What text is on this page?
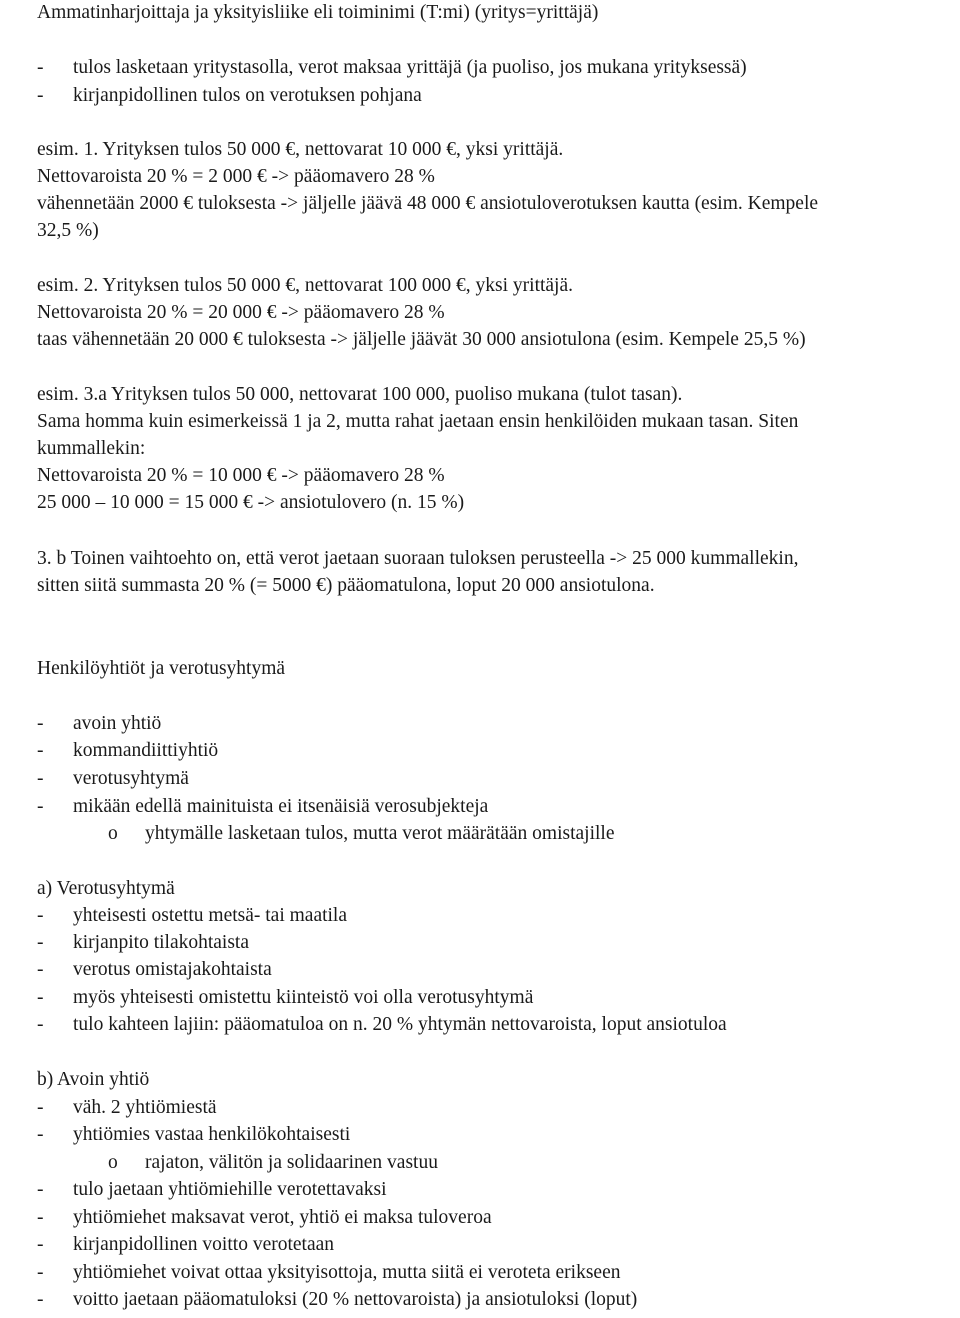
Ammatinharjoittaja ja yksityisliike eli toiminimi (T:mi) (yritys=yrittäjä)
- tulos lasketaan yritystasolla, verot maksaa yrittäjä (ja puoliso, jos mukana yrityksessä)
- kirjanpidollinen tulos on verotuksen pohjana
esim. 1. Yrityksen tulos 50 000 €, nettovarat 10 000 €, yksi yrittäjä.
Nettovaroista 20 % = 2 000 € -> pääomavero 28 %
vähennetään 2000 € tuloksesta -> jäljelle jäävä 48 000 € ansiotuloverotuksen kautta (esim. Kempele
32,5 %)
esim. 2. Yrityksen tulos 50 000 €, nettovarat 100 000 €, yksi yrittäjä.
Nettovaroista 20 % = 20 000 € -> pääomavero 28 %
taas vähennetään 20 000 € tuloksesta -> jäljelle jäävät 30 000 ansiotulona (esim. Kempele 25,5 %)
esim. 3.a Yrityksen tulos 50 000, nettovarat 100 000, puoliso mukana (tulot tasan).
Sama homma kuin esimerkeissä 1 ja 2, mutta rahat jaetaan ensin henkilöiden mukaan tasan. Siten
kummallekin:
Nettovaroista 20 % = 10 000 € -> pääomavero 28 %
25 000 – 10 000 = 15 000 € -> ansiotulovero (n. 15 %)
3. b Toinen vaihtoehto on, että verot jaetaan suoraan tuloksen perusteella -> 25 000 kummallekin,
sitten siitä summasta 20 % (= 5000 €) pääomatulona, loput 20 000 ansiotulona.
Henkilöyhtiöt ja verotusyhtymä
- avoin yhtiö
- kommandiittiyhtiö
- verotusyhtymä
- mikään edellä mainituista ei itsenäisiä verosubjekteja
o yhtymälle lasketaan tulos, mutta verot määrätään omistajille
a) Verotusyhtymä
- yhteisesti ostettu metsä- tai maatila
- kirjanpito tilakohtaista
- verotus omistajakohtaista
- myös yhteisesti omistettu kiinteistö voi olla verotusyhtymä
- tulo kahteen lajiin: pääomatuloa on n. 20 % yhtymän nettovaroista, loput ansiotuloa
b) Avoin yhtiö
- väh. 2 yhtiömiestä
- yhtiömies vastaa henkilökohtaisesti
o rajaton, välitön ja solidaarinen vastuu
- tulo jaetaan yhtiömiehille verotettavaksi
- yhtiömiehet maksavat verot, yhtiö ei maksa tuloveroa
- kirjanpidollinen voitto verotetaan
- yhtiömiehet voivat ottaa yksityisottoja, mutta siitä ei veroteta erikseen
- voitto jaetaan pääomatuloksi (20 % nettovaroista) ja ansiotuloksi (loput)
